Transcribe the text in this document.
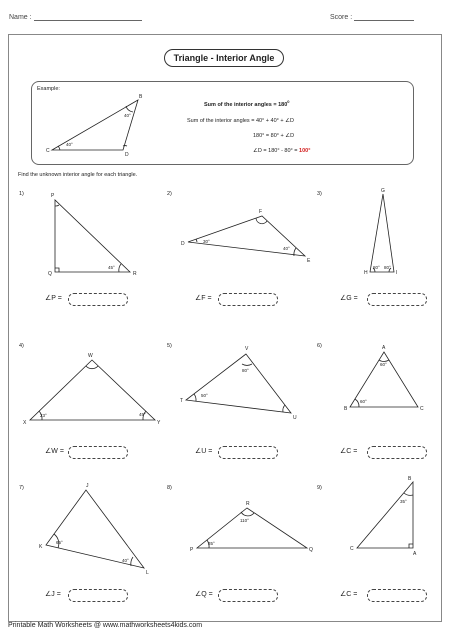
Name :	Score :
Triangle - Interior Angle
Example:
Sum of the interior angles = $180^0$
Sum of the interior angles = 40° + 40° + ∠D
180° = 80° + ∠D
∠D = 180° - 80° = 100°
Find the unknown interior angle for each triangle.
1)	2)	3)
4)	5)	6)
7)	8)	9)
∠P =	∠F =	∠G =
∠W =	∠U =	∠C =
∠J =	∠Q =	∠C =
B
C
D
40°
40°
P
Q	R
45°
D
E
F
30°
40°
G
H	I
80° 80°
W
X	Y
23°	45°
V
T
U
80°
50°
A
B	C
60°
60°
J
K
L
65°
40°
R
P	Q
110°
35°
B
C
A
35°
Printable Math Worksheets @ www.mathworksheets4kids.com
